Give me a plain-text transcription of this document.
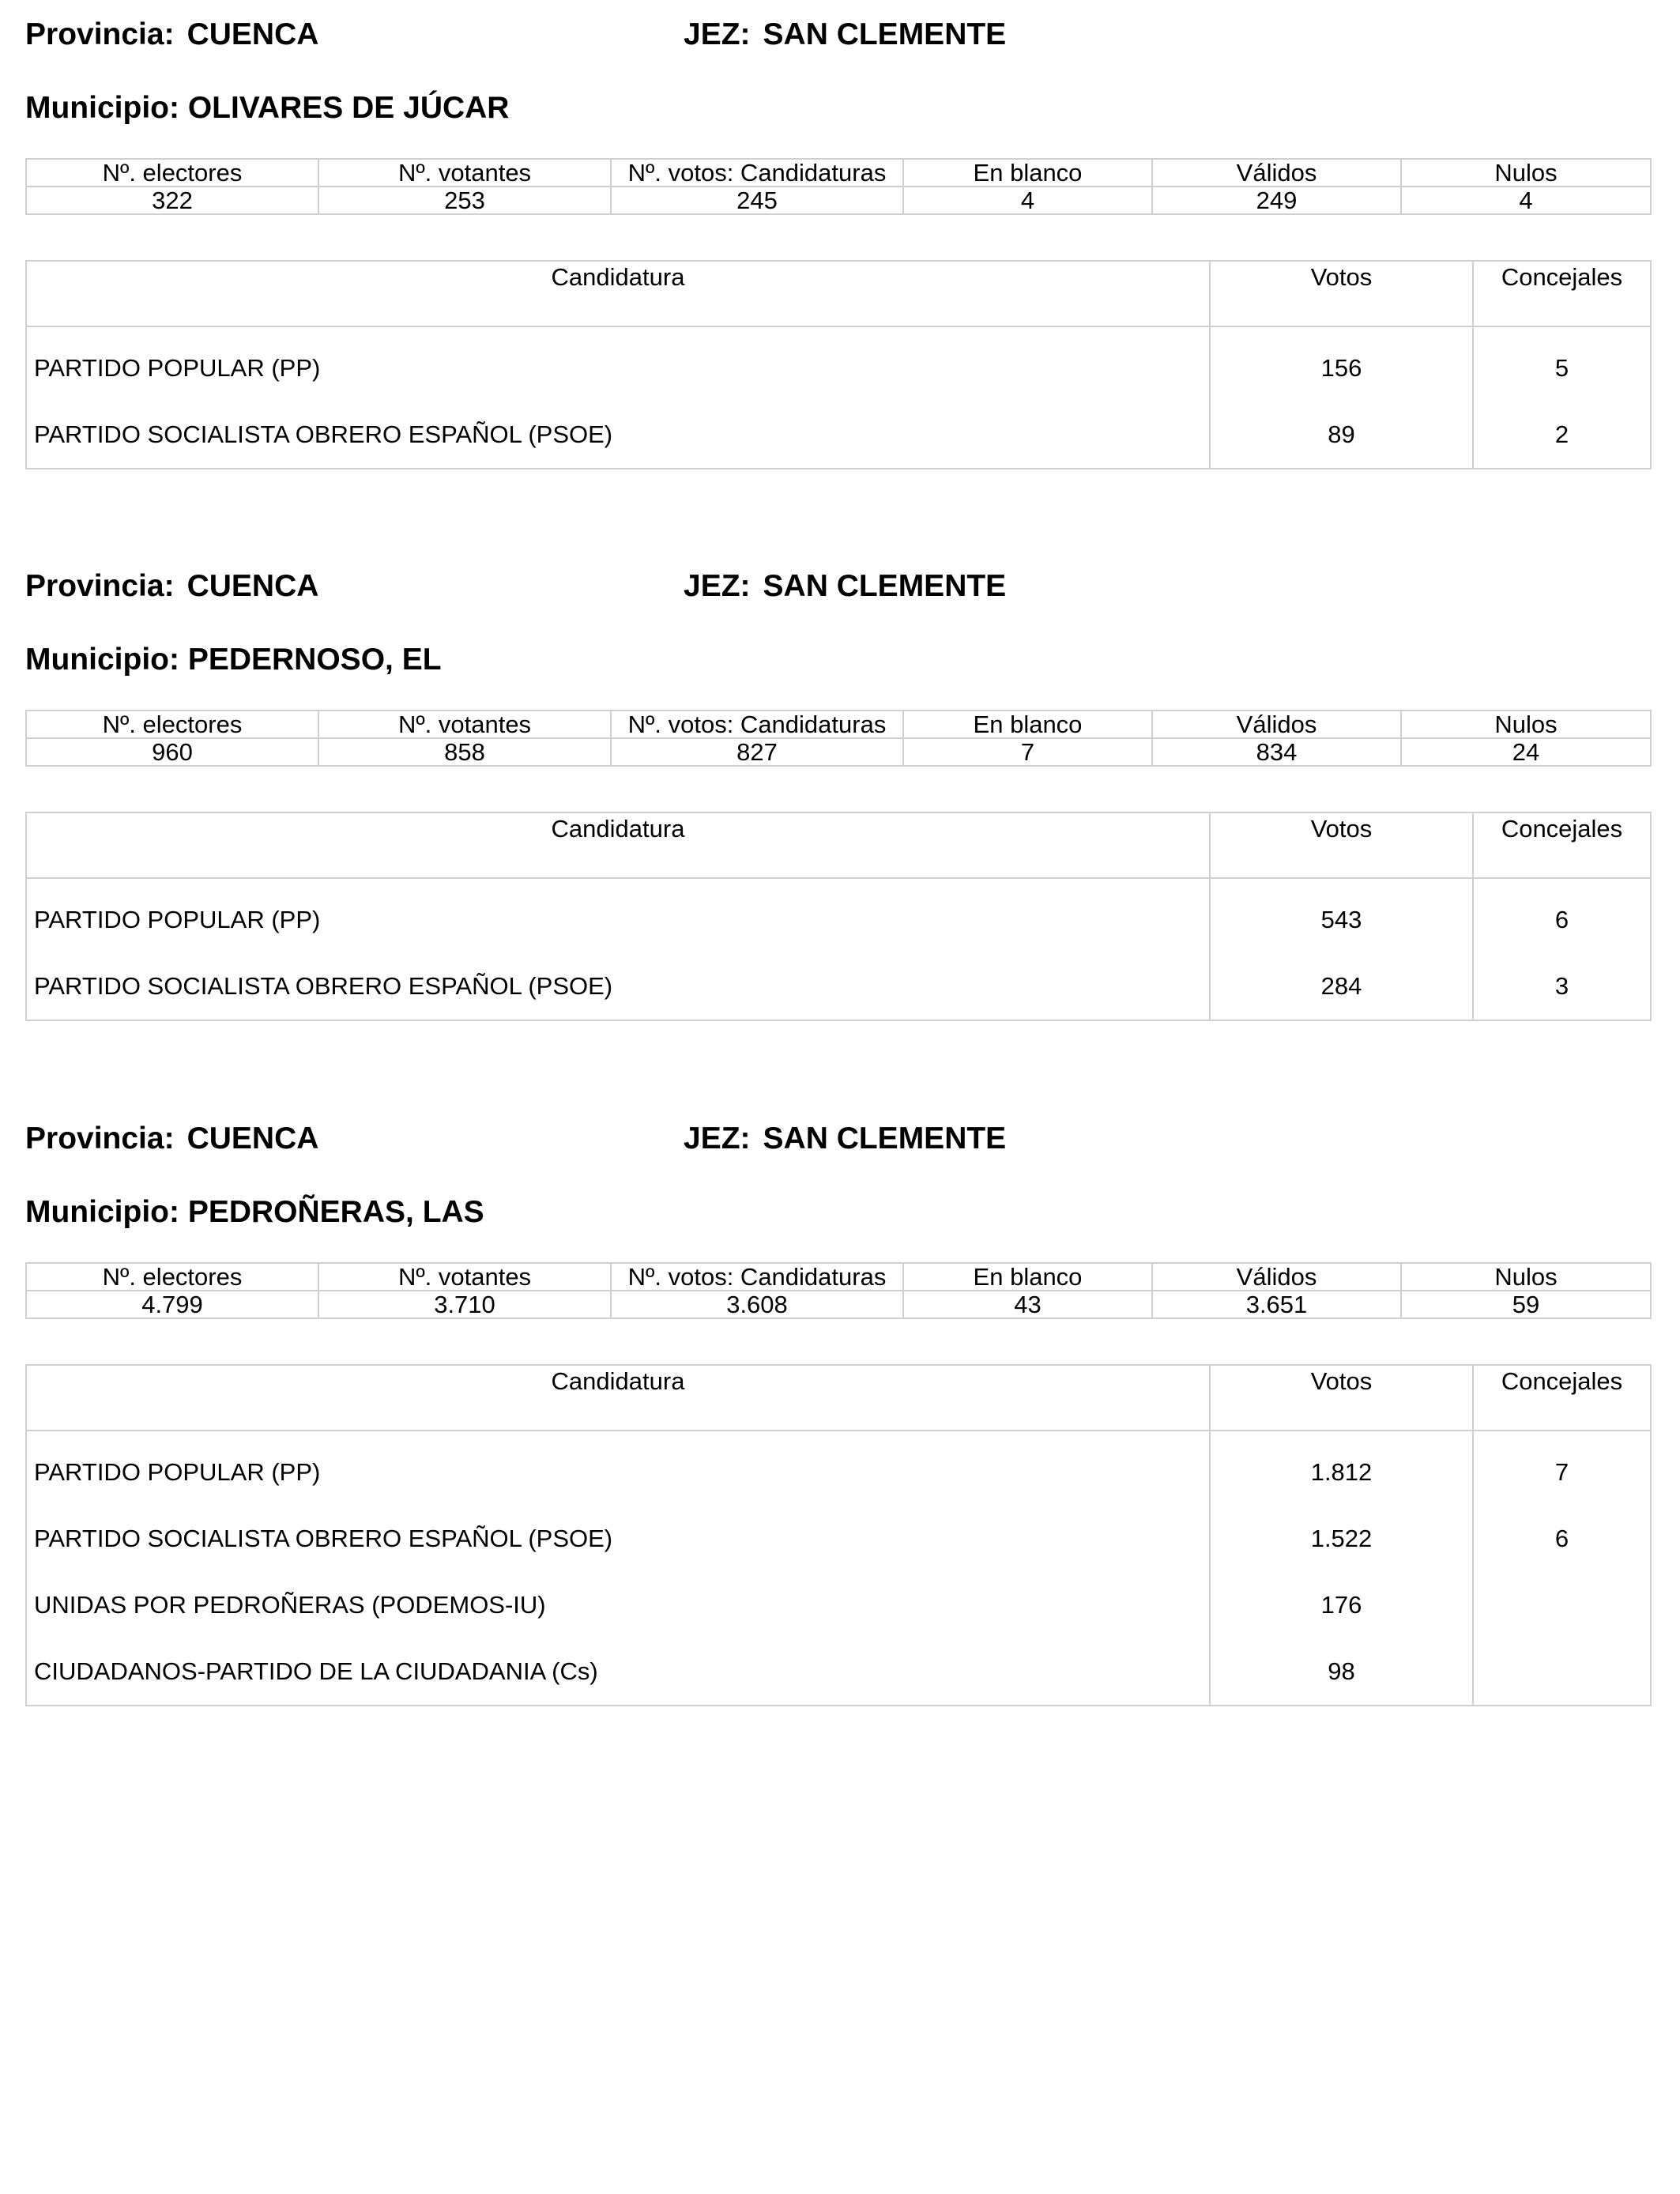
Provincia: CUENCA	JEZ: SAN CLEMENTE
Municipio: OLIVARES DE JÚCAR
Nº. electores	Nº. votantes	Nº. votos: Candidaturas	En blanco	Válidos	Nulos
322	253	245	4	249	4
Candidatura	Votos	Concejales
PARTIDO POPULAR (PP)	156	5
PARTIDO SOCIALISTA OBRERO ESPAÑOL (PSOE)	89	2
Provincia: CUENCA	JEZ: SAN CLEMENTE
Municipio: PEDERNOSO, EL
Nº. electores	Nº. votantes	Nº. votos: Candidaturas	En blanco	Válidos	Nulos
960	858	827	7	834	24
Candidatura	Votos	Concejales
PARTIDO POPULAR (PP)	543	6
PARTIDO SOCIALISTA OBRERO ESPAÑOL (PSOE)	284	3
Provincia: CUENCA	JEZ: SAN CLEMENTE
Municipio: PEDROÑERAS, LAS
Nº. electores	Nº. votantes	Nº. votos: Candidaturas	En blanco	Válidos	Nulos
4.799	3.710	3.608	43	3.651	59
Candidatura	Votos	Concejales
PARTIDO POPULAR (PP)	1.812	7
PARTIDO SOCIALISTA OBRERO ESPAÑOL (PSOE)	1.522	6
UNIDAS POR PEDROÑERAS (PODEMOS-IU)	176	
CIUDADANOS-PARTIDO DE LA CIUDADANIA (Cs)	98	
